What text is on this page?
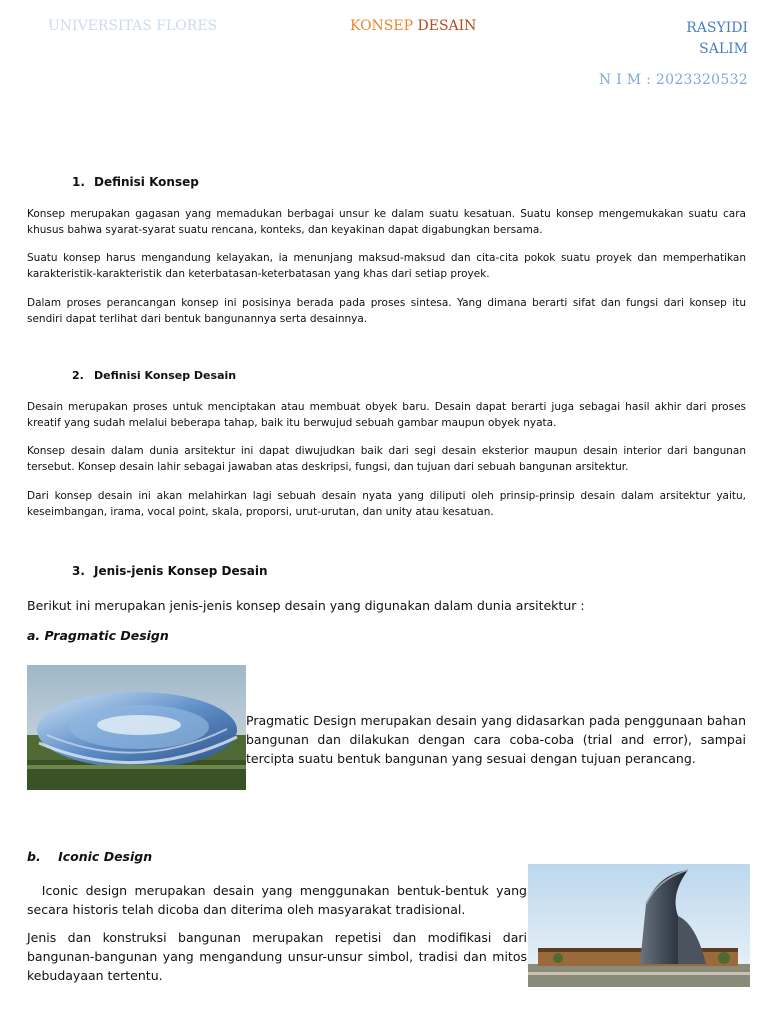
UNIVERSITAS FLORES	KONSEP DESAIN	RASYIDI
SALIM
N I M : 2023320532
1. Definisi Konsep
Konsep merupakan gagasan yang memadukan berbagai unsur ke dalam suatu kesatuan. Suatu konsep mengemukakan suatu cara khusus bahwa syarat-syarat suatu rencana, konteks, dan keyakinan dapat digabungkan bersama.
Suatu konsep harus mengandung kelayakan, ia menunjang maksud-maksud dan cita-cita pokok suatu proyek dan memperhatikan karakteristik-karakteristik dan keterbatasan-keterbatasan yang khas dari setiap proyek.
Dalam proses perancangan konsep ini posisinya berada pada proses sintesa. Yang dimana berarti sifat dan fungsi dari konsep itu sendiri dapat terlihat dari bentuk bangunannya serta desainnya.
2. Definisi Konsep Desain
Desain merupakan proses untuk menciptakan atau membuat obyek baru. Desain dapat berarti juga sebagai hasil akhir dari proses kreatif yang sudah melalui beberapa tahap, baik itu berwujud sebuah gambar maupun obyek nyata.
Konsep desain dalam dunia arsitektur ini dapat diwujudkan baik dari segi desain eksterior maupun desain interior dari bangunan tersebut. Konsep desain lahir sebagai jawaban atas deskripsi, fungsi, dan tujuan dari sebuah bangunan arsitektur.
Dari konsep desain ini akan melahirkan lagi sebuah desain nyata yang diliputi oleh prinsip-prinsip desain dalam arsitektur yaitu, keseimbangan, irama, vocal point, skala, proporsi, urut-urutan, dan unity atau kesatuan.
3. Jenis-jenis Konsep Desain
Berikut ini merupakan jenis-jenis konsep desain yang digunakan dalam dunia arsitektur :
a. Pragmatic Design
Pragmatic Design merupakan desain yang didasarkan pada penggunaan bahan bangunan dan dilakukan dengan cara coba-coba (trial and error), sampai tercipta suatu bentuk bangunan yang sesuai dengan tujuan perancang.
b.    Iconic Design
Iconic design merupakan desain yang menggunakan bentuk-bentuk yang secara historis telah dicoba dan diterima oleh masyarakat tradisional.
Jenis dan konstruksi bangunan merupakan repetisi dan modifikasi dari bangunan-bangunan yang mengandung unsur-unsur simbol, tradisi dan mitos kebudayaan tertentu.
